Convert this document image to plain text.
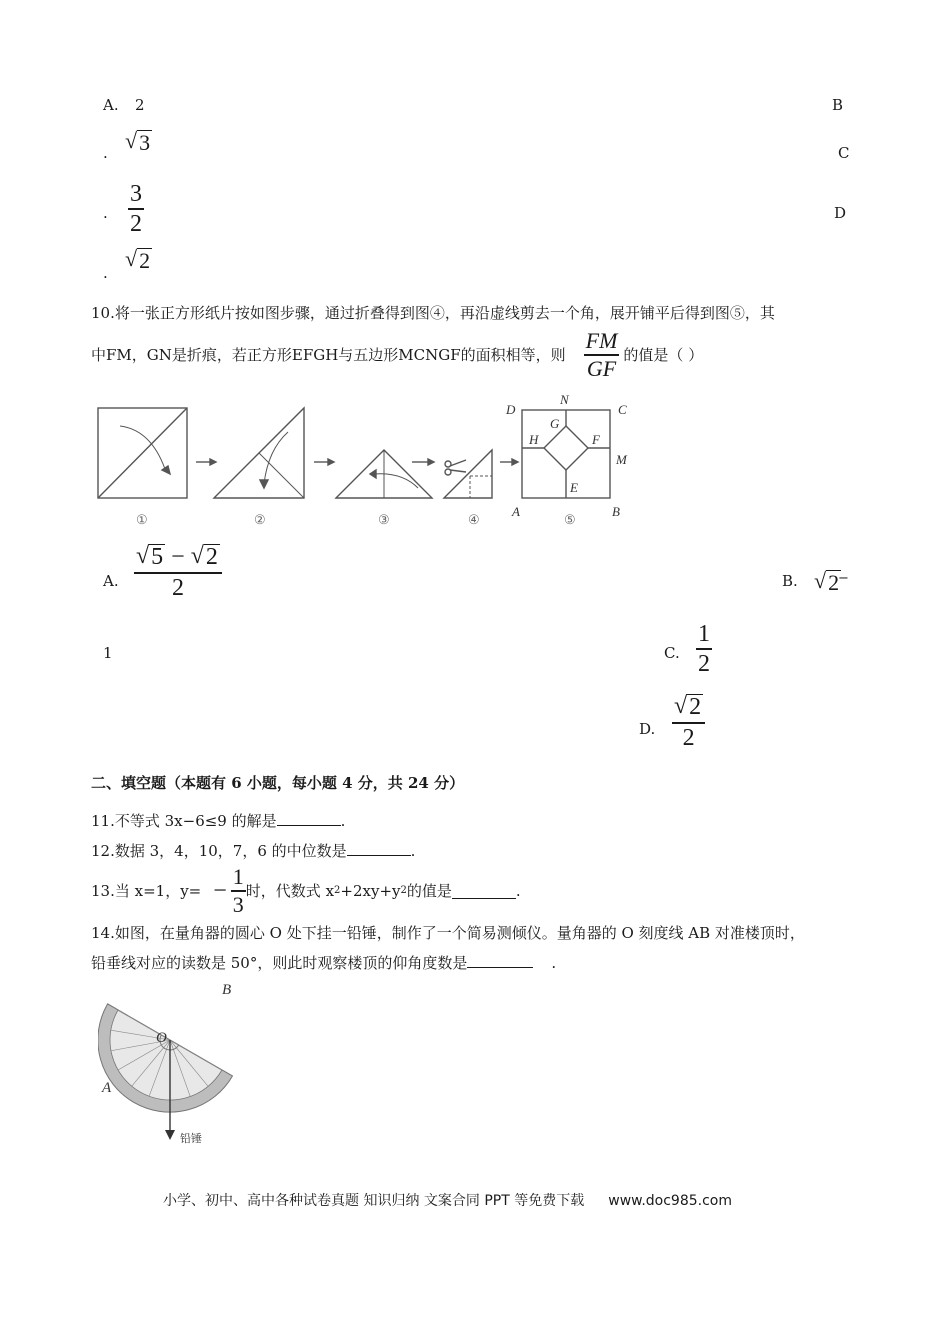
A. 2	B
. √ 3	C
. $\frac{3}{2}$	D
.
√ 2
10.将一张正方形纸片按如图步骤，通过折叠得到图④，再沿虚线剪去一个角，展开铺平后得到图⑤，其
中FM，GN是折痕，若正方形EFGH与五边形MCNGF的面积相等，则 $\frac{FM}{GF}$ 的值是（ ）
D
N
C
G
H	F
M
E
A	B
①	②	③	④	⑤
A. $\frac{√ 5 - √ 2}{2}$	B. √ 2
−
1	C. $\frac{1}{2}$
D. $\frac{√ 2}{2}$
二、填空题（本题有 6 小题，每小题 4 分，共 24 分）
11.不等式 3x−6≤9 的解是	.
12.数据 3，4，10，7，6 的中位数是	.
13.当 x=1，$y= - \frac{1}{3}$ 时，代数式 x 2 +2xy+y 2 的值是	.
14.如图，在量角器的圆心 O 处下挂一铅锤，制作了一个简易测倾仪。量角器的 O 刻度线 AB 对准楼顶时，
铅垂线对应的读数是 50°，则此时观察楼顶的仰角度数是	.
铅锤
O
A
B
小学、初中、高中各种试卷真题 知识归纳 文案合同 PPT 等免费下载 www.doc985.com
